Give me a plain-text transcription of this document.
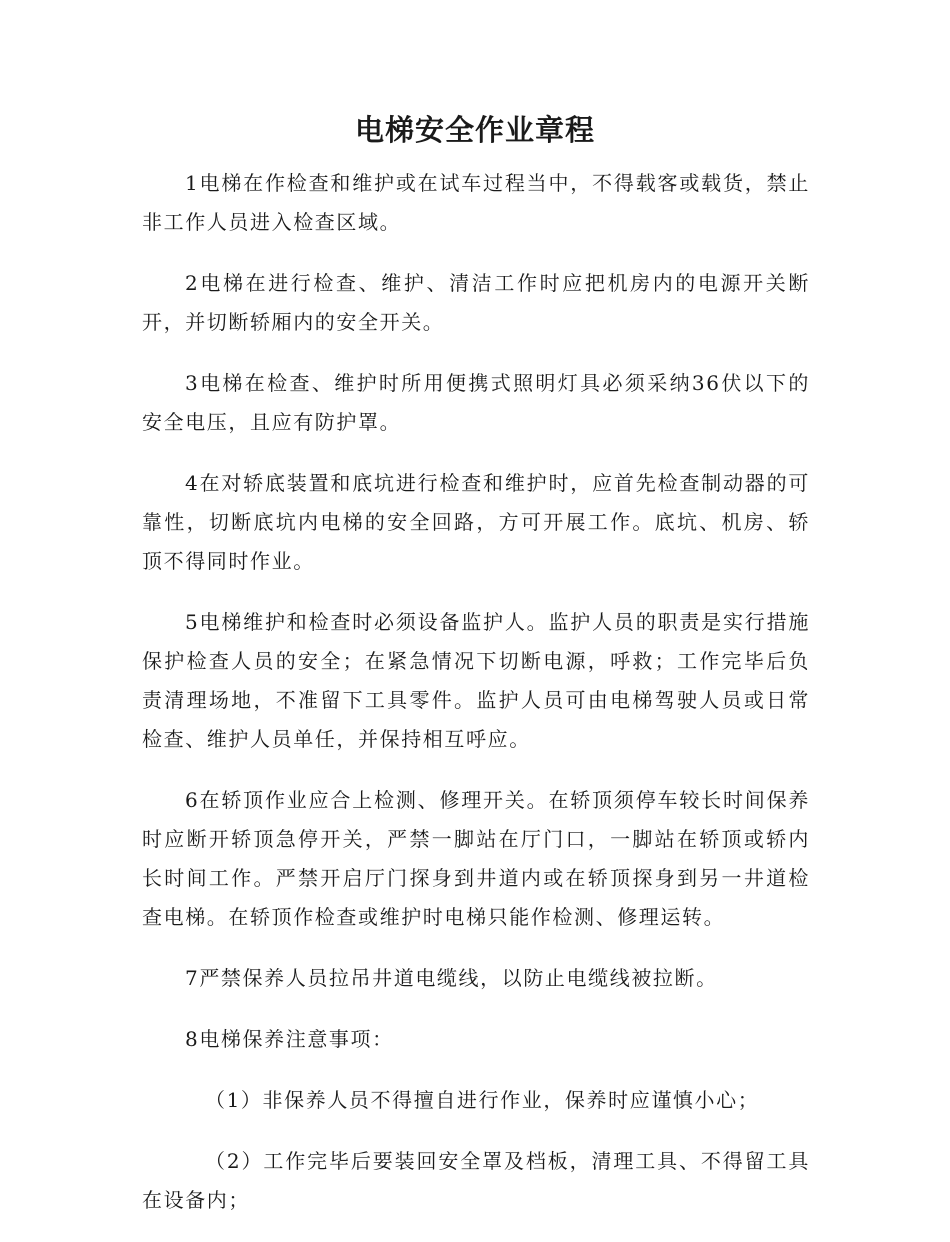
电梯安全作业章程

1电梯在作检查和维护或在试车过程当中，不得载客或载货，禁止非工作人员进入检查区域。

2电梯在进行检查、维护、清洁工作时应把机房内的电源开关断开，并切断轿厢内的安全开关。

3电梯在检查、维护时所用便携式照明灯具必须采纳36伏以下的安全电压，且应有防护罩。

4在对轿底装置和底坑进行检查和维护时，应首先检查制动器的可靠性，切断底坑内电梯的安全回路，方可开展工作。底坑、机房、轿顶不得同时作业。

5电梯维护和检查时必须设备监护人。监护人员的职责是实行措施保护检查人员的安全；在紧急情况下切断电源，呼救；工作完毕后负责清理场地，不准留下工具零件。监护人员可由电梯驾驶人员或日常检查、维护人员单任，并保持相互呼应。

6在轿顶作业应合上检测、修理开关。在轿顶须停车较长时间保养时应断开轿顶急停开关，严禁一脚站在厅门口，一脚站在轿顶或轿内长时间工作。严禁开启厅门探身到井道内或在轿顶探身到另一井道检查电梯。在轿顶作检查或维护时电梯只能作检测、修理运转。

7严禁保养人员拉吊井道电缆线，以防止电缆线被拉断。

8电梯保养注意事项：

（1）非保养人员不得擅自进行作业，保养时应谨慎小心；

（2）工作完毕后要装回安全罩及档板，清理工具、不得留工具在设备内；
